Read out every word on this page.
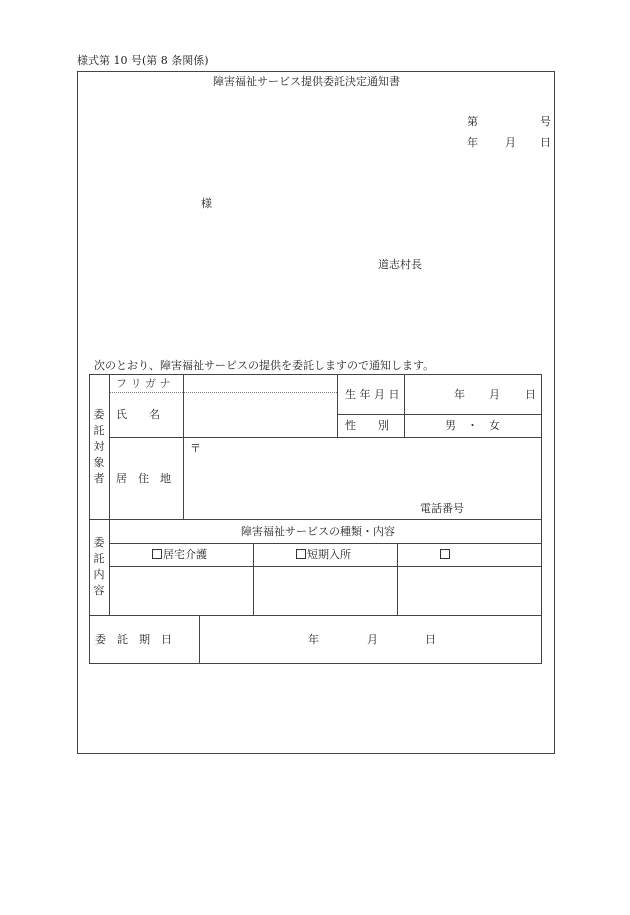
様式第 10 号(第 8 条関係)
障害福祉サービス提供委託決定通知書
第	号
年 月 日
様
道志村長
次のとおり、障害福祉サービスの提供を委託しますので通知します。
委
託
対
象
者
フ リ ガ ナ
氏　　名
生 年 月 日	年 月 日
性　　別	男　・　女
居　住　地
〒
電話番号
委
託
内
容
障害福祉サービスの種類・内容
居宅介護	短期入所
委　託　期　日	年	月	日
